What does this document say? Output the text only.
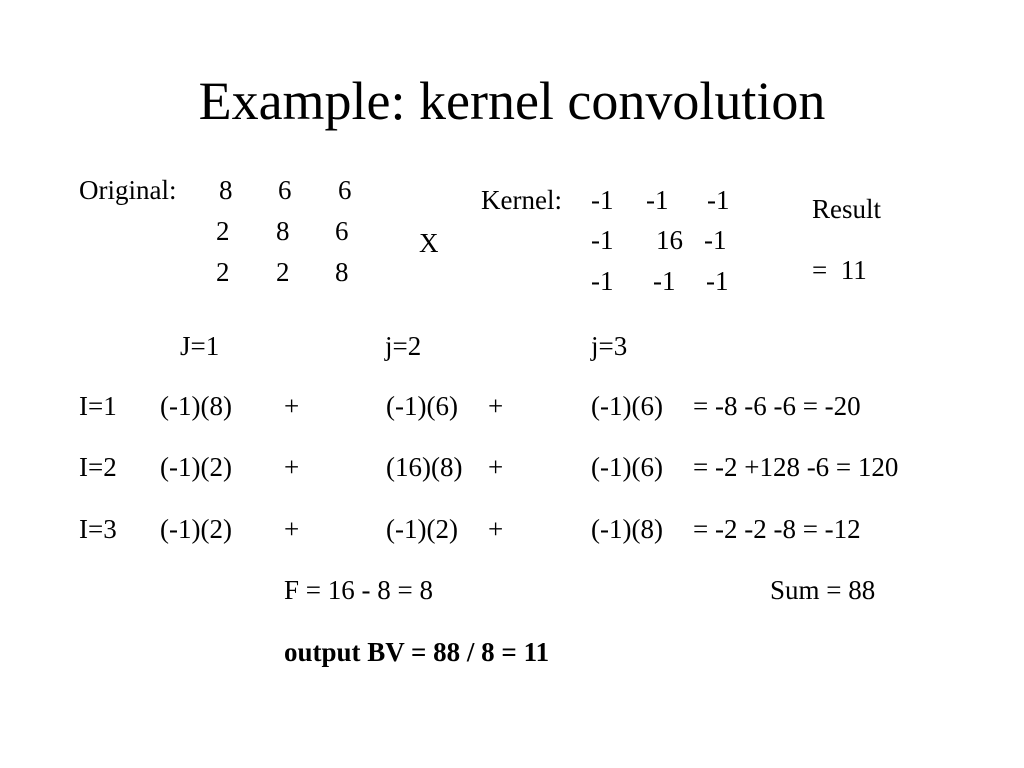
Example: kernel convolution
Original: 8 6 6
2 8 6
2 2 8
X
Kernel: -1 -1 -1
-1 16 -1
-1 -1 -1
Result
=  11
J=1	j=2	j=3
I=1 (-1)(8) +	(-1)(6) +	(-1)(6) = -8 -6 -6 = -20
I=2 (-1)(2) +	(16)(8) +	(-1)(6) = -2 +128 -6 = 120
I=3 (-1)(2) +	(-1)(2) +	(-1)(8) = -2 -2 -8 = -12
F = 16 - 8 = 8	Sum = 88
output BV = 88 / 8 = 11
